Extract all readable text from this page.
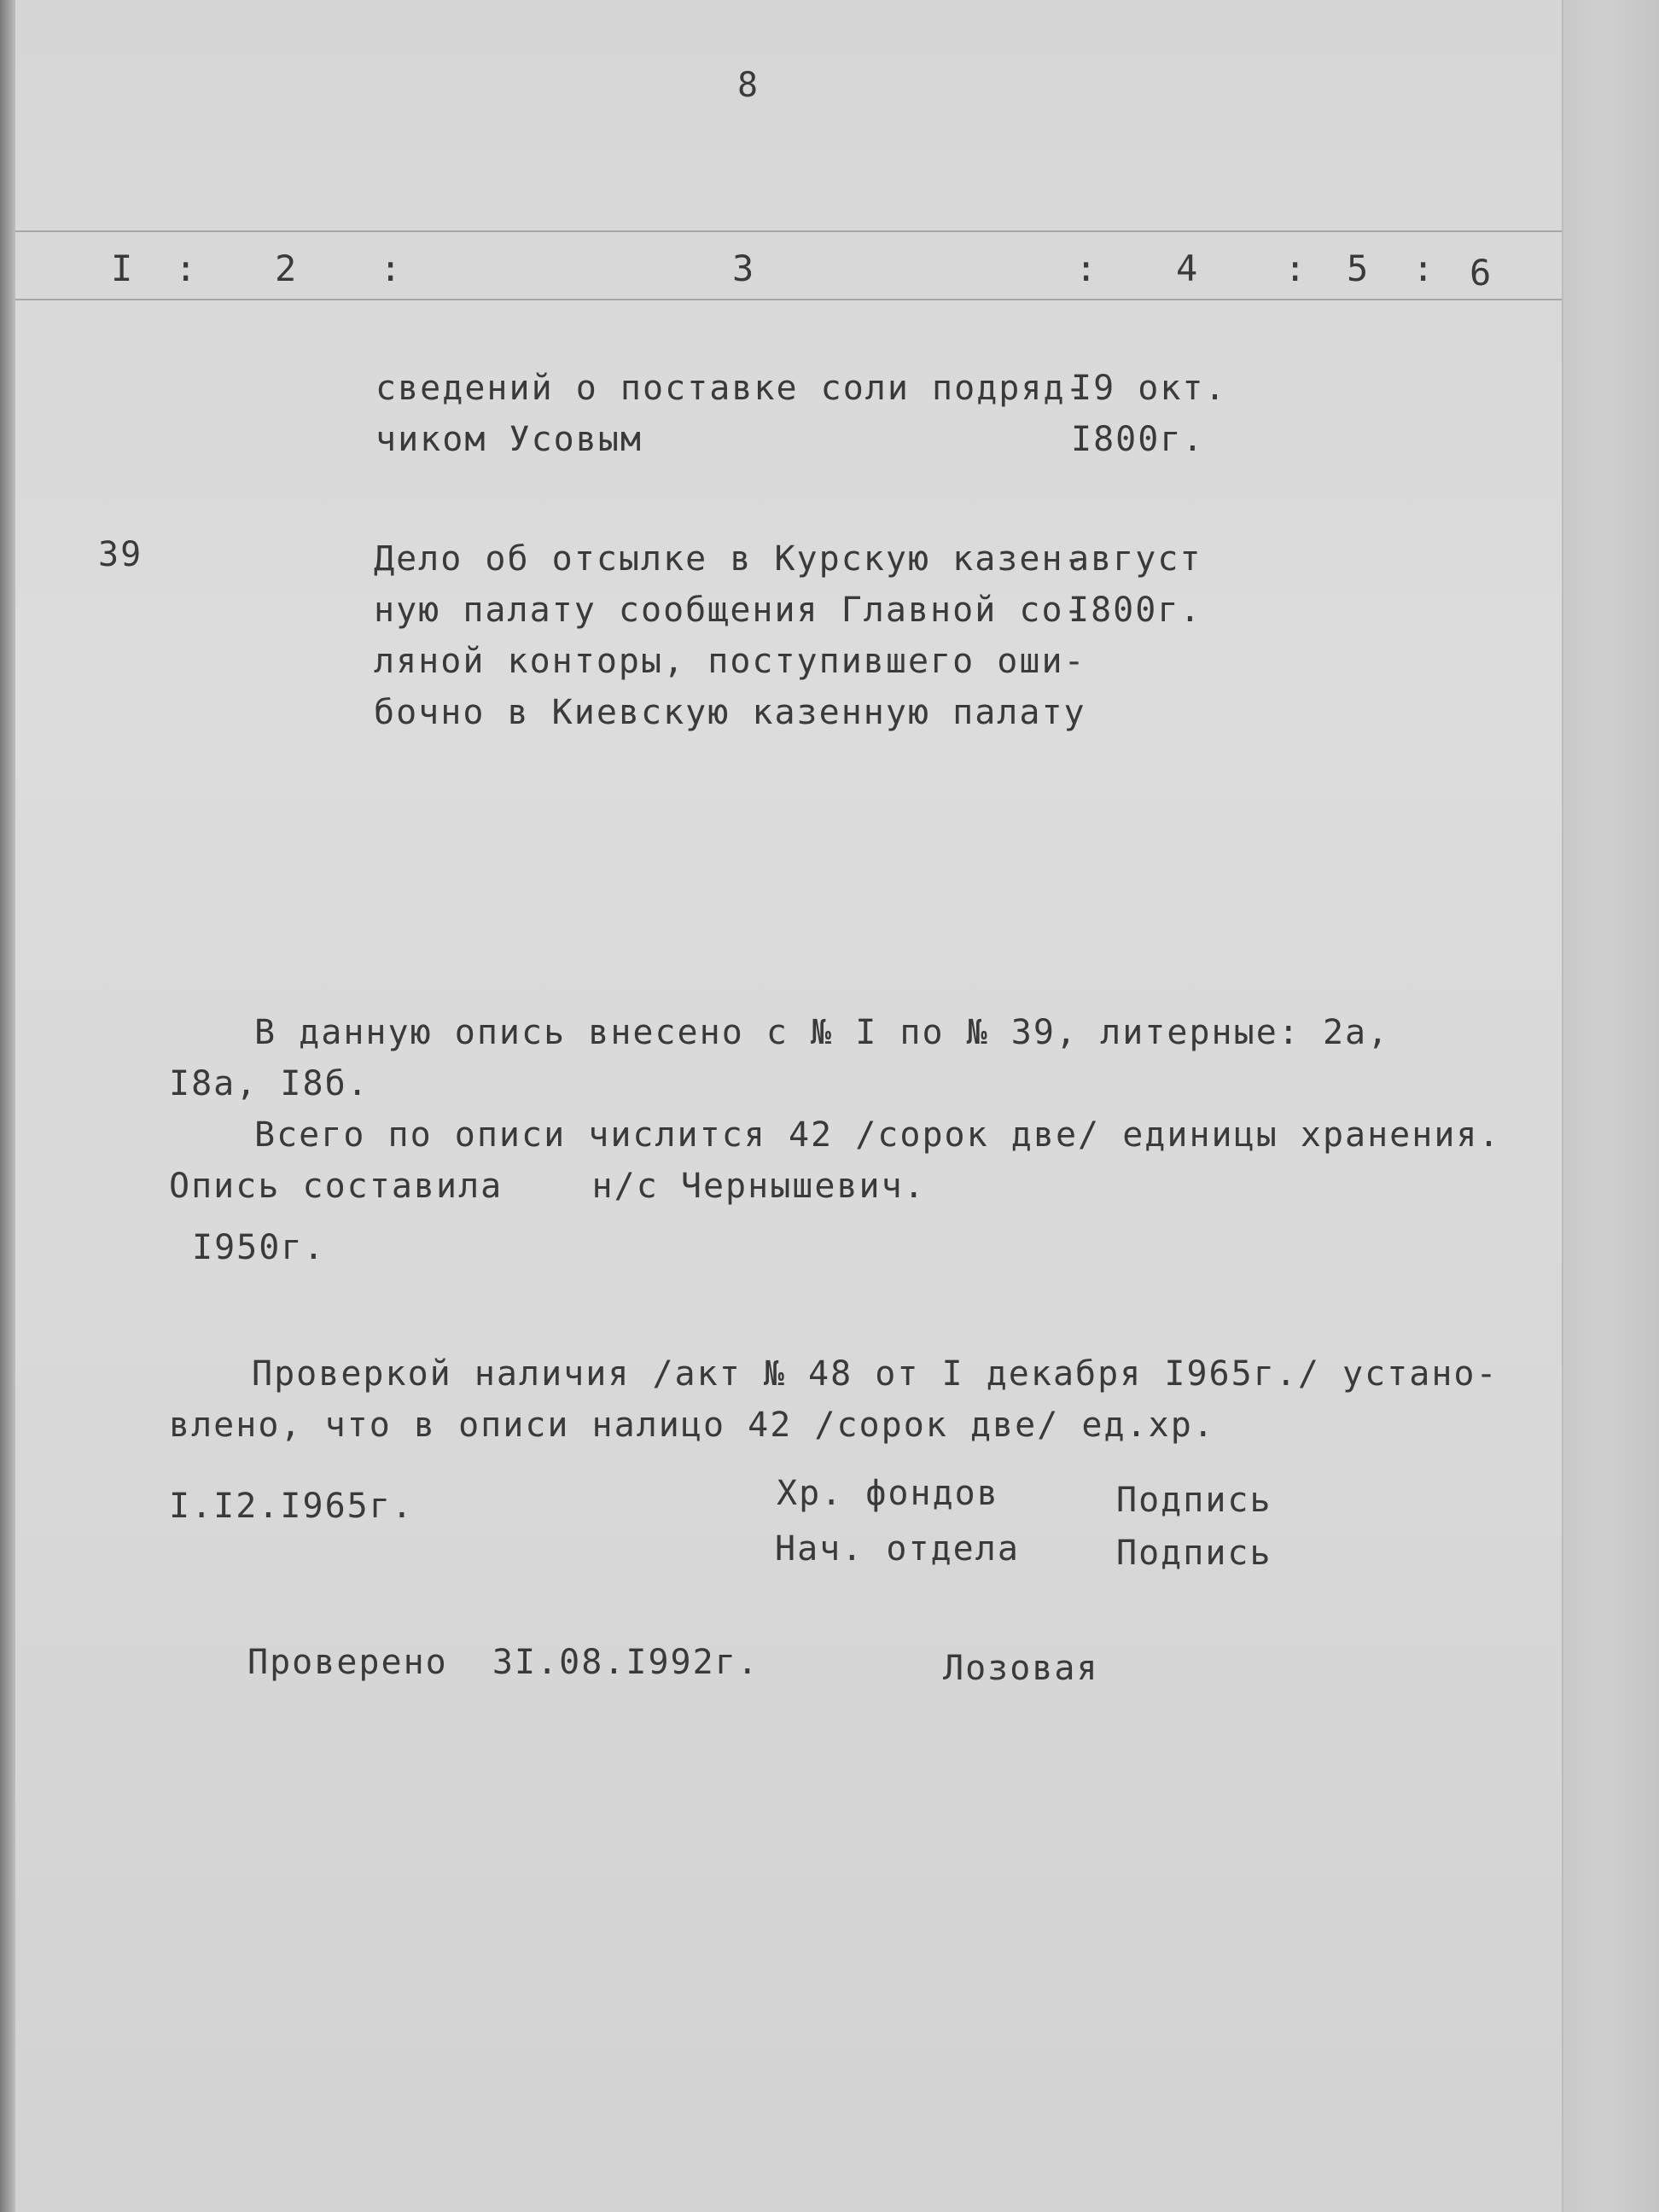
8
I : 2 :	3	: 4 : 5 : 6
сведений о поставке соли подряд-
чиком Усовым
I9 окт.
I800г.
39	Дело об отсылке в Курскую казен-
ную палату сообщения Главной со-
ляной конторы, поступившего оши-
бочно в Киевскую казенную палату
август
I800г.
В данную опись внесено с № I по № 39, литерные: 2а,
I8а, I8б.
Всего по описи числится 42 /сорок две/ единицы хранения.
Опись составила    н/с Чернышевич.
I950г.
Проверкой наличия /акт № 48 от I декабря I965г./ устано-
влено, что в описи налицо 42 /сорок две/ ед.хр.
I.I2.I965г.	Хр. фондов	Подпись
Нач. отдела	Подпись
Проверено  3I.08.I992г.	Лозовая
